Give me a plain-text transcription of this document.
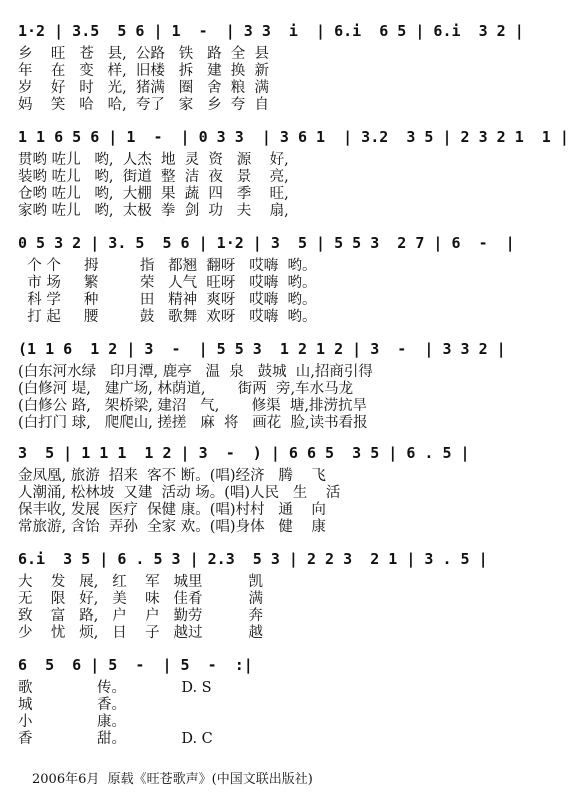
1·2 | 3.5  5 6 | 1  -  | 3 3  i  | 6.i  6 5 | 6.i  3 2 |
乡    旺   苍   县,  公路   铁   路  全  县
年    在   变   样,  旧楼   拆   建  换  新
岁    好   时   光,  猪满   圈   舍  粮  满
妈    笑   哈   哈,  夸了   家   乡  夸  自
1 1 6 5 6 | 1  -  | 0 3 3  | 3 6 1  | 3.2  3 5 | 2 3 2 1  1 |
贯哟 咗儿   哟,  人杰  地  灵  资   源    好,
装哟 咗儿   哟,  街道  整  洁  夜   景    亮,
仓哟 咗儿   哟,  大棚  果  蔬  四   季    旺,
家哟 咗儿   哟,  太极  拳  剑  功   夫    扇,
0 5 3 2 | 3. 5  5 6 | 1·2 | 3  5 | 5 5 3  2 7 | 6  -  |
个 个     拇         指   都翘  翻呀   哎嗨  哟。
市 场     繁         荣   人气  旺呀   哎嗨  哟。
科 学     种         田   精神  爽呀   哎嗨  哟。
打 起     腰         鼓   歌舞  欢呀   哎嗨  哟。
(1 1 6  1 2 | 3  -  | 5 5 3  1 2 1 2 | 3  -  | 3 3 2 |
(白东河水绿   印月潭, 鹿亭   温  泉   鼓城  山,招商引得
(白修河 堤,   建广场, 林荫道,       街两  旁,车水马龙
(白修公 路,   架桥梁, 建沼   气,       修渠  塘,排涝抗旱
(白打门 球,   爬爬山, 搓搓   麻  将   画花  脸,读书看报
3  5 | 1 1 1  1 2 | 3  -  ) | 6 6 5  3 5 | 6 . 5 |
金凤凰, 旅游  招来  客不 断。(唱)经济   腾    飞
人潮涌, 松林坡  又建  活动 场。(唱)人民   生    活
保丰收, 发展  医疗  保健 康。(唱)村村   通    向
常旅游, 含饴  弄孙  全家 欢。(唱)身体   健    康
6.i  3 5 | 6 . 5 3 | 2.3  5 3 | 2 2 3  2 1 | 3 . 5 |
大    发   展,   红    军   城里          凯
无    限   好,   美    味   佳肴          满
致    富   路,   户    户   勤劳          奔
少    忧   烦,   日    子   越过          越
6  5  6 | 5  -  | 5  -  :|
歌              传。            D. S
城              香。
小              康。
香              甜。            D. C
2006年6月  原载《旺苍歌声》(中国文联出版社)
